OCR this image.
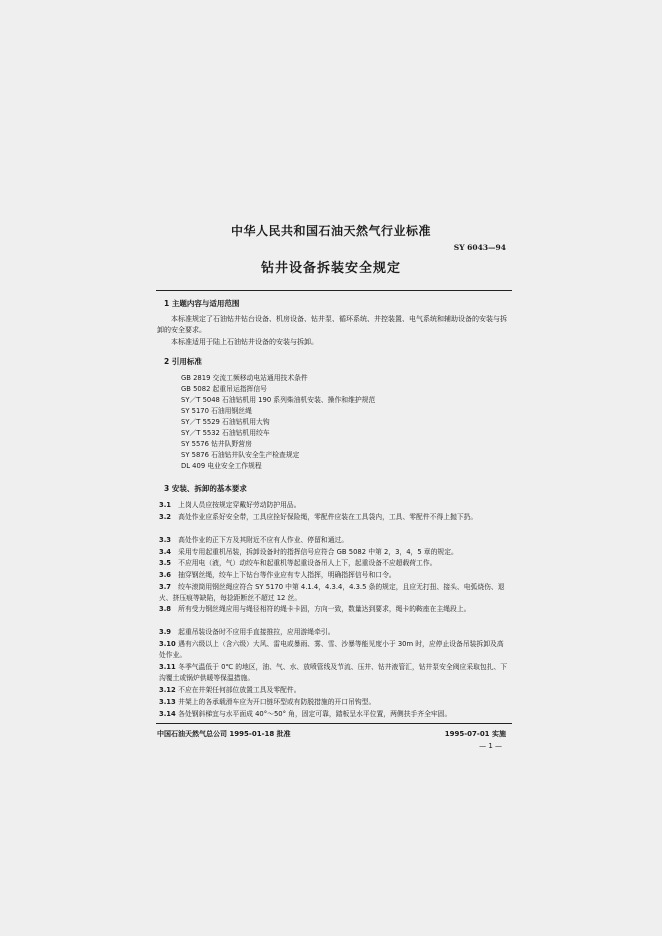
中华人民共和国石油天然气行业标准
SY 6043—94
钻井设备拆装安全规定
1 主题内容与适用范围
本标准规定了石油钻井钻台设备、机房设备、钻井泵、循环系统、井控装置、电气系统和辅助设备的安装与拆卸的安全要求。
本标准适用于陆上石油钻井设备的安装与拆卸。
2 引用标准
GB 2819 交流工频移动电站通用技术条件
GB 5082 起重吊运指挥信号
SY／T 5048 石油钻机用 190 系列柴油机安装、操作和维护规范
SY 5170 石油用钢丝绳
SY／T 5529 石油钻机用大钩
SY／T 5532 石油钻机用绞车
SY 5576 钻井队野营房
SY 5876 石油钻井队安全生产检查规定
DL 409 电业安全工作规程
3 安装、拆卸的基本要求
3.1 上岗人员应按规定穿戴好劳动防护用品。
3.2 高处作业应系好安全带，工具应拴好保险绳，零配件应装在工具袋内，工具、零配件不得上抛下扔。
3.3 高处作业的正下方及其附近不应有人作业、停留和通过。
3.4 采用专用起重机吊装，拆卸设备时的指挥信号应符合 GB 5082 中第 2，3，4，5 章的规定。
3.5 不应用电（液，气）动绞车和起重机等起重设备吊人上下，起重设备不应超载荷工作。
3.6 抽穿钢丝绳，绞车上下钻台等作业应有专人指挥，明确指挥信号和口令。
3.7 绞车滚筒用钢丝绳应符合 SY 5170 中第 4.1.4，4.3.4，4.3.5 条的规定，且应无打扭、接头、电弧烧伤、退火、挤压痕等缺陷，每捻距断丝不超过 12 丝。
3.8 所有受力钢丝绳应用与绳径相符的绳卡卡固，方向一致，数量达到要求，绳卡的鞍座在主绳段上。
3.9 起重吊装设备时不应用手直接推拉，应用游绳牵引。
3.10 遇有六级以上（含六级）大风、雷电或暴雨、雾、雪、沙暴等能见度小于 30m 时，应停止设备吊装拆卸及高处作业。
3.11 冬季气温低于 0℃ 的地区，油、气、水、放喷管线及节流、压井、钻井液管汇，钻井泵安全阀应采取包扎、下沟覆土或锅炉供暖等保温措施。
3.12 不应在井架任何部位放置工具及零配件。
3.13 井架上的各承载滑车应为开口链环型或有防脱措施的开口吊钩型。
3.14 各处钢斜梯宜与水平面成 40°～50° 角，固定可靠，踏板呈水平位置，两侧扶手齐全牢固。
中国石油天然气总公司 1995-01-18 批准	1995-07-01 实施
— 1 —
